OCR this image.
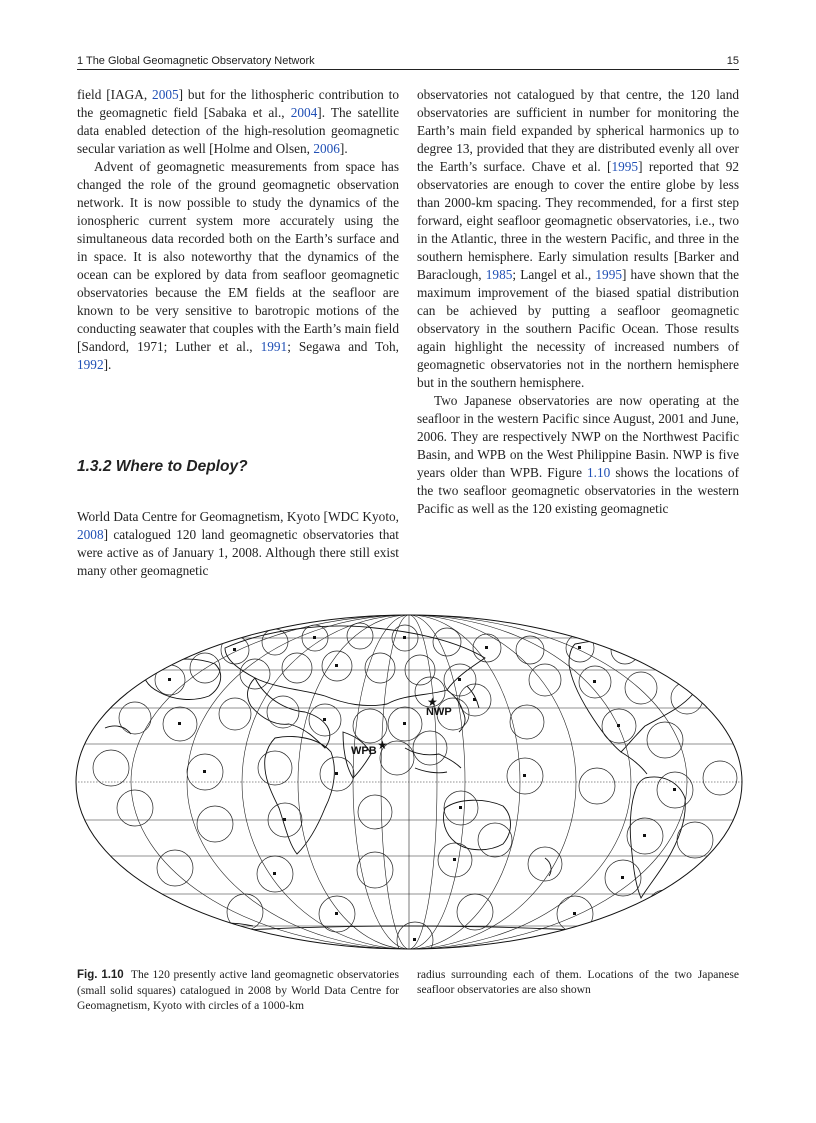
1 The Global Geomagnetic Observatory Network	15

field [IAGA, 2005] but for the lithospheric contribution to the geomagnetic field [Sabaka et al., 2004]. The satellite data enabled detection of the high-resolution geomagnetic secular variation as well [Holme and Olsen, 2006].

Advent of geomagnetic measurements from space has changed the role of the ground geomagnetic observation network. It is now possible to study the dynamics of the ionospheric current system more accurately using the simultaneous data recorded both on the Earth’s surface and in space. It is also noteworthy that the dynamics of the ocean can be explored by data from seafloor geomagnetic observatories because the EM fields at the seafloor are known to be very sensitive to barotropic motions of the conducting seawater that couples with the Earth’s main field [Sandord, 1971; Luther et al., 1991; Segawa and Toh, 1992].

1.3.2 Where to Deploy?

World Data Centre for Geomagnetism, Kyoto [WDC Kyoto, 2008] catalogued 120 land geomagnetic observatories that were active as of January 1, 2008. Although there still exist many other geomagnetic

observatories not catalogued by that centre, the 120 land observatories are sufficient in number for monitoring the Earth’s main field expanded by spherical harmonics up to degree 13, provided that they are distributed evenly all over the Earth’s surface. Chave et al. [1995] reported that 92 observatories are enough to cover the entire globe by less than 2000-km spacing. They recommended, for a first step forward, eight seafloor geomagnetic observatories, i.e., two in the Atlantic, three in the western Pacific, and three in the southern hemisphere. Early simulation results [Barker and Baraclough, 1985; Langel et al., 1995] have shown that the maximum improvement of the biased spatial distribution can be achieved by putting a seafloor geomagnetic observatory in the southern Pacific Ocean. Those results again highlight the necessity of increased numbers of geomagnetic observatories not in the northern hemisphere but in the southern hemisphere.

Two Japanese observatories are now operating at the seafloor in the western Pacific since August, 2001 and June, 2006. They are respectively NWP on the Northwest Pacific Basin, and WPB on the West Philippine Basin. NWP is five years older than WPB. Figure 1.10 shows the locations of the two seafloor geomagnetic observatories in the western Pacific as well as the 120 existing geomagnetic

★
NWP
★
WPB
Fig. 1.10 The 120 presently active land geomagnetic observatories (small solid squares) catalogued in 2008 by World Data Centre for Geomagnetism, Kyoto with circles of a 1000-km
radius surrounding each of them. Locations of the two Japanese seafloor observatories are also shown
